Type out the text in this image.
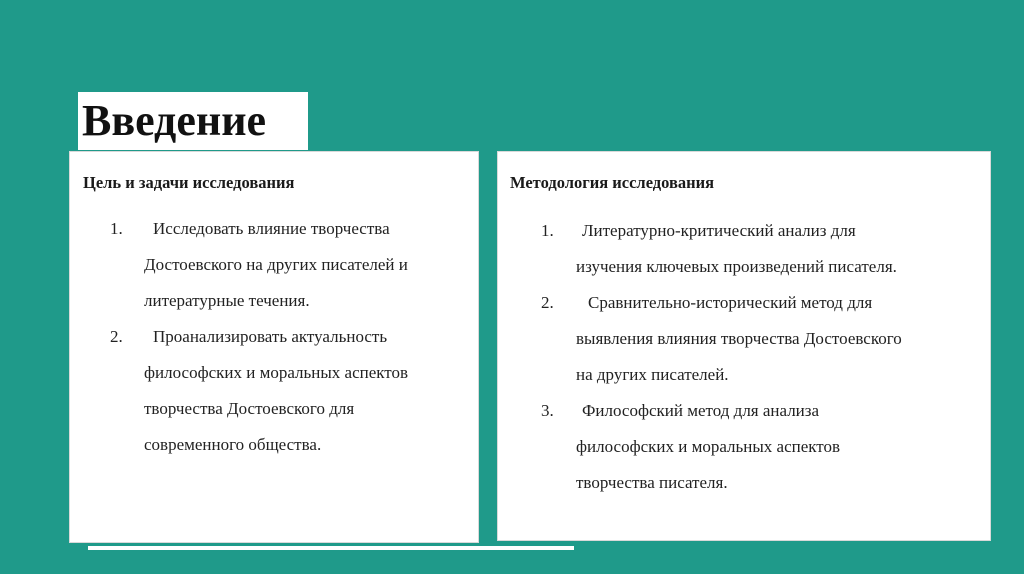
Введение
Цель и задачи исследования
1. Исследовать влияние творчества
Достоевского на других писателей и
литературные течения.
2. Проанализировать актуальность
философских и моральных аспектов
творчества Достоевского для
современного общества.
Методология исследования
1. Литературно-критический анализ для
изучения ключевых произведений писателя.
2. Сравнительно-исторический метод для
выявления влияния творчества Достоевского
на других писателей.
3. Философский метод для анализа
философских и моральных аспектов
творчества писателя.
